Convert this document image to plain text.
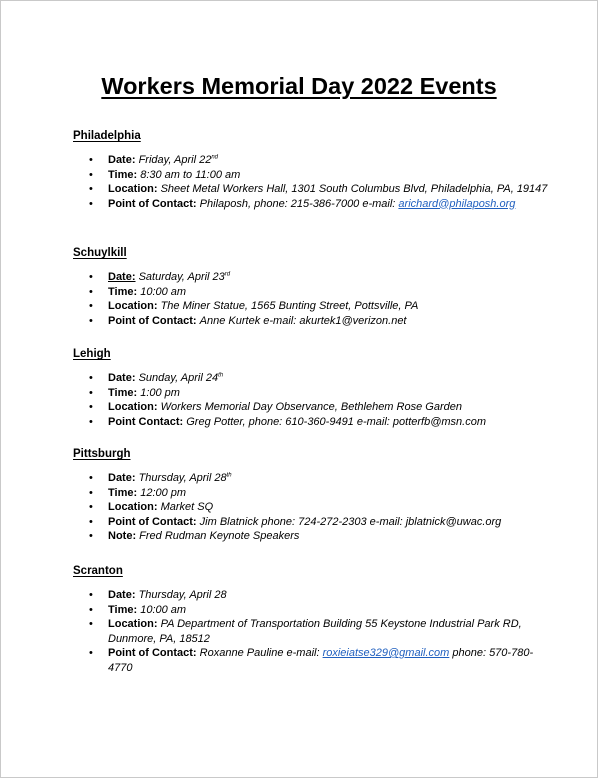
Workers Memorial Day 2022 Events
Philadelphia
• Date: Friday, April 22nd
• Time: 8:30 am to 11:00 am
• Location: Sheet Metal Workers Hall, 1301 South Columbus Blvd, Philadelphia, PA, 19147
• Point of Contact: Philaposh, phone: 215-386-7000 e-mail: arichard@philaposh.org
Schuylkill
• Date: Saturday, April 23rd
• Time: 10:00 am
• Location: The Miner Statue, 1565 Bunting Street, Pottsville, PA
• Point of Contact: Anne Kurtek e-mail: akurtek1@verizon.net
Lehigh
• Date: Sunday, April 24th
• Time: 1:00 pm
• Location: Workers Memorial Day Observance, Bethlehem Rose Garden
• Point Contact: Greg Potter, phone: 610-360-9491 e-mail: potterfb@msn.com
Pittsburgh
• Date: Thursday, April 28th
• Time: 12:00 pm
• Location: Market SQ
• Point of Contact: Jim Blatnick phone: 724-272-2303 e-mail: jblatnick@uwac.org
• Note: Fred Rudman Keynote Speakers
Scranton
• Date: Thursday, April 28
• Time: 10:00 am
• Location: PA Department of Transportation Building 55 Keystone Industrial Park RD, Dunmore, PA, 18512
• Point of Contact: Roxanne Pauline e-mail: roxieiatse329@gmail.com phone: 570-780-4770
